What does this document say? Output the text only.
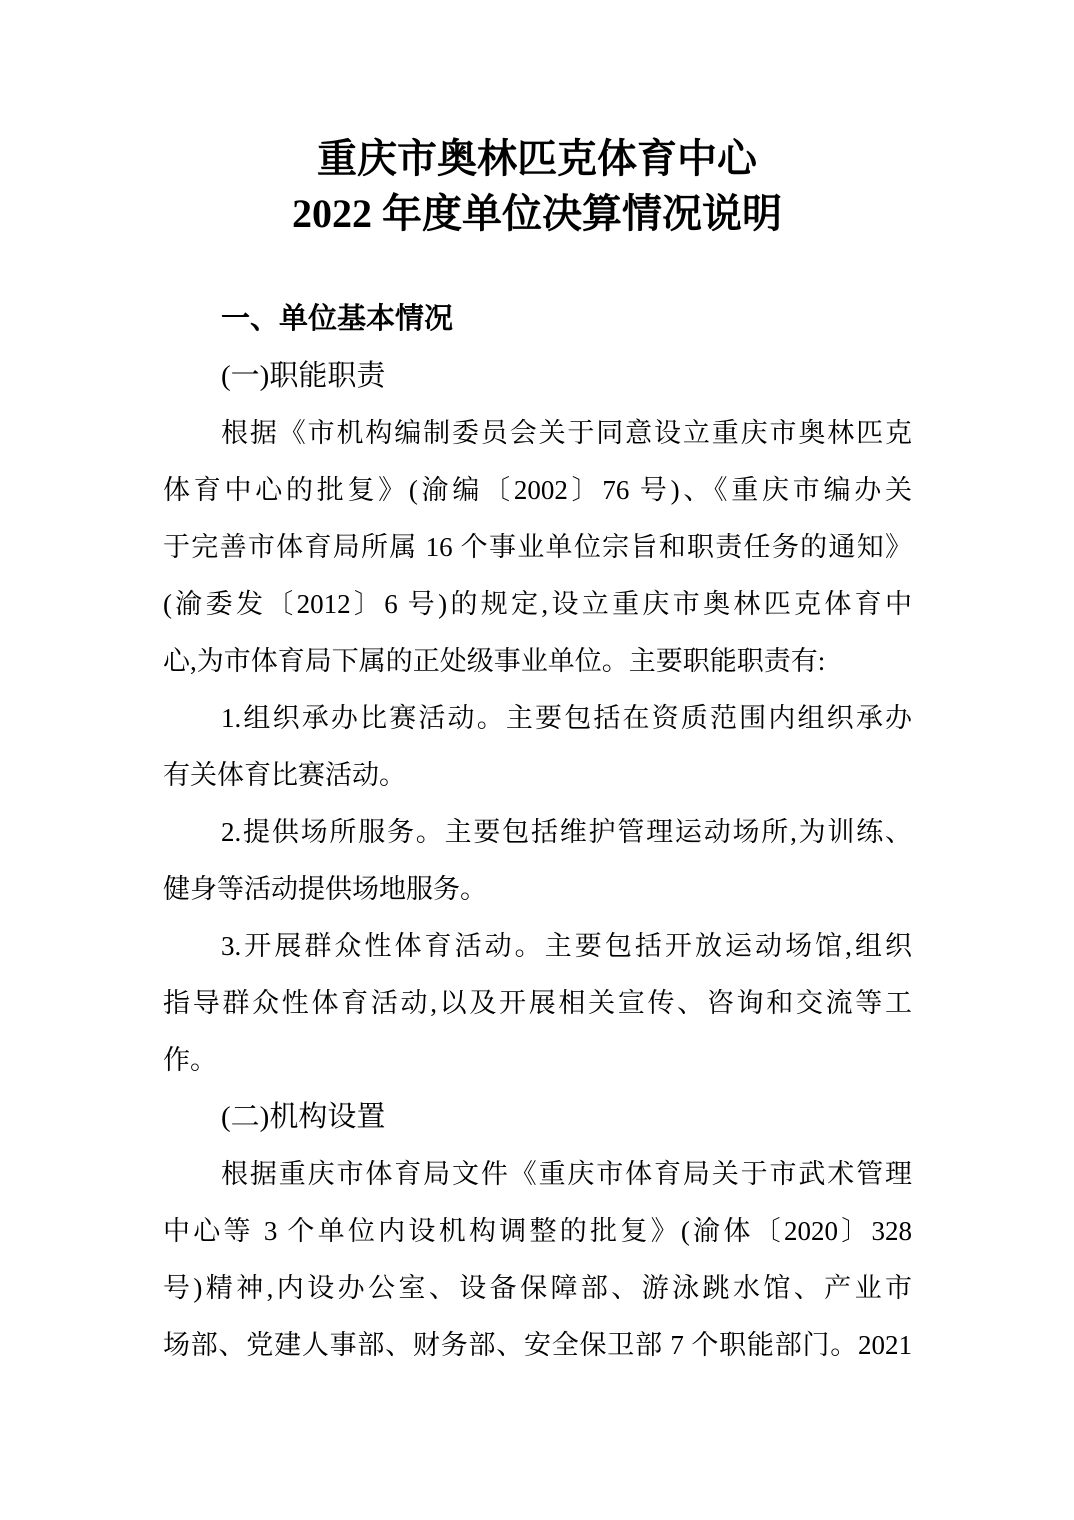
重庆市奥林匹克体育中心
2022 年度单位决算情况说明
一、单位基本情况
(一)职能职责
根据《市机构编制委员会关于同意设立重庆市奥林匹克
体育中心的批复》(渝编〔2002〕76 号)、《重庆市编办关
于完善市体育局所属 16 个事业单位宗旨和职责任务的通知》
(渝委发〔2012〕6 号)的规定,设立重庆市奥林匹克体育中
心,为市体育局下属的正处级事业单位。主要职能职责有:
1.组织承办比赛活动。主要包括在资质范围内组织承办
有关体育比赛活动。
2.提供场所服务。主要包括维护管理运动场所,为训练、
健身等活动提供场地服务。
3.开展群众性体育活动。主要包括开放运动场馆,组织
指导群众性体育活动,以及开展相关宣传、咨询和交流等工
作。
(二)机构设置
根据重庆市体育局文件《重庆市体育局关于市武术管理
中心等 3 个单位内设机构调整的批复》(渝体〔2020〕328
号)精神,内设办公室、设备保障部、游泳跳水馆、产业市
场部、党建人事部、财务部、安全保卫部 7 个职能部门。2021
